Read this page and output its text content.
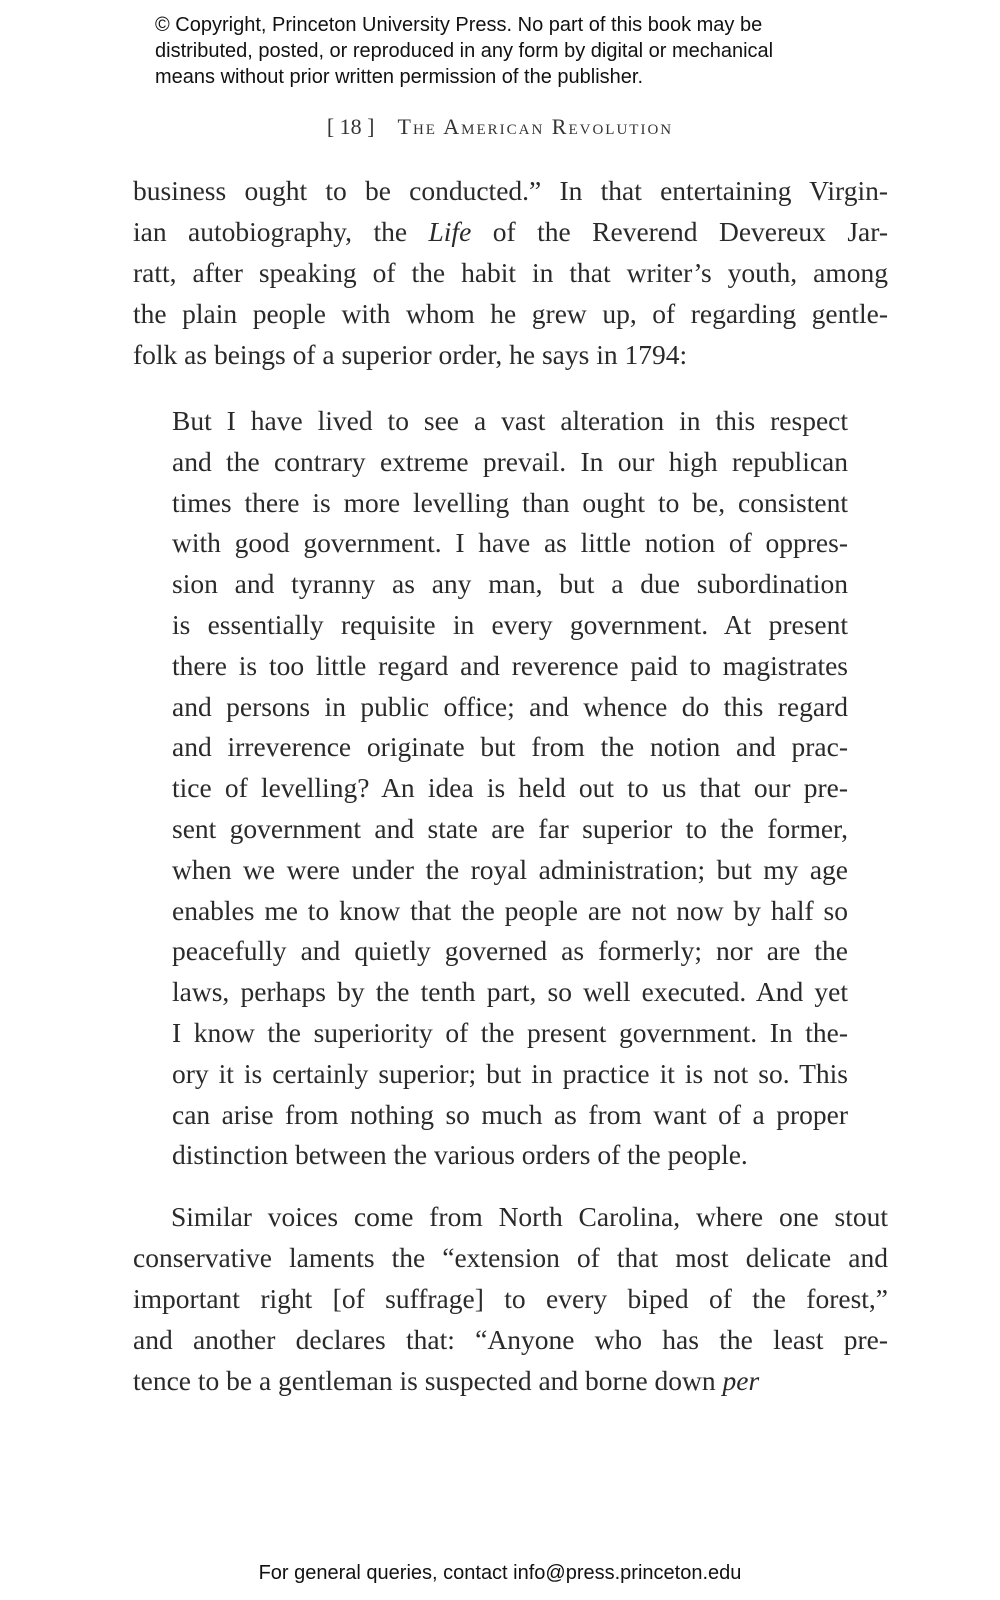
© Copyright, Princeton University Press. No part of this book may be
distributed, posted, or reproduced in any form by digital or mechanical
means without prior written permission of the publisher.
[ 18 ] The American Revolution
business ought to be conducted.” In that entertaining Virgin-
ian autobiography, the Life of the Reverend Devereux Jar-
ratt, after speaking of the habit in that writer’s youth, among
the plain people with whom he grew up, of regarding gentle-
folk as beings of a superior order, he says in 1794:
But I have lived to see a vast alteration in this respect
and the contrary extreme prevail. In our high republican
times there is more levelling than ought to be, consistent
with good government. I have as little notion of oppres-
sion and tyranny as any man, but a due subordination
is essentially requisite in every government. At present
there is too little regard and reverence paid to magistrates
and persons in public office; and whence do this regard
and irreverence originate but from the notion and prac-
tice of levelling? An idea is held out to us that our pre-
sent government and state are far superior to the former,
when we were under the royal administration; but my age
enables me to know that the people are not now by half so
peacefully and quietly governed as formerly; nor are the
laws, perhaps by the tenth part, so well executed. And yet
I know the superiority of the present government. In the-
ory it is certainly superior; but in practice it is not so. This
can arise from nothing so much as from want of a proper
distinction between the various orders of the people.
Similar voices come from North Carolina, where one stout
conservative laments the “extension of that most delicate and
important right [of suffrage] to every biped of the forest,”
and another declares that: “Anyone who has the least pre-
tence to be a gentleman is suspected and borne down per
For general queries, contact info@press.princeton.edu
